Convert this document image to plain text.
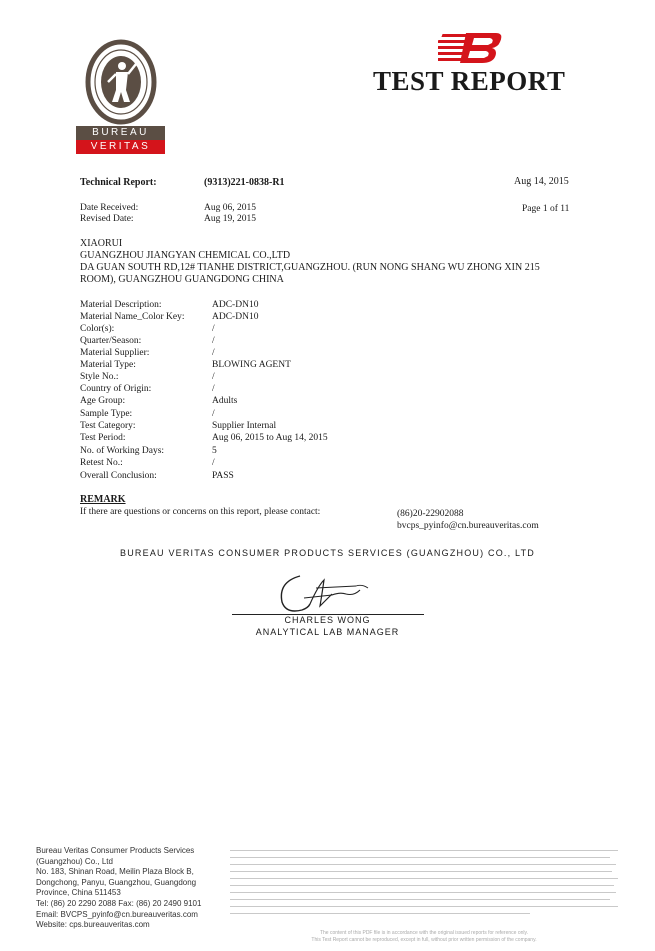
BUREAU
VERITAS
TEST REPORT
Technical Report:	(9313)221-0838-R1	Aug 14, 2015
Date Received:	Aug 06, 2015	Page 1 of 11
Revised Date:	Aug 19, 2015
XIAORUI
GUANGZHOU JIANGYAN CHEMICAL CO.,LTD
DA GUAN SOUTH RD,12# TIANHE DISTRICT,GUANGZHOU. (RUN NONG SHANG WU ZHONG XIN 215
ROOM), GUANGZHOU GUANGDONG CHINA
Material Description:	ADC-DN10
Material Name_Color Key:	ADC-DN10
Color(s):	/
Quarter/Season:	/
Material Supplier:	/
Material Type:	BLOWING AGENT
Style No.:	/
Country of Origin:	/
Age Group:	Adults
Sample Type:	/
Test Category:	Supplier Internal
Test Period:	Aug 06, 2015 to Aug 14, 2015
No. of Working Days:	5
Retest No.:	/
Overall Conclusion:	PASS
REMARK
If there are questions or concerns on this report, please contact:	(86)20-22902088
bvcps_pyinfo@cn.bureauveritas.com
BUREAU VERITAS CONSUMER PRODUCTS SERVICES (GUANGZHOU) CO., LTD
CHARLES WONG
ANALYTICAL LAB MANAGER
Bureau Veritas Consumer Products Services
(Guangzhou) Co., Ltd
No. 183, Shinan Road, Meilin Plaza Block B,
Dongchong, Panyu, Guangzhou, Guangdong
Province, China 511453
Tel: (86) 20 2290 2088 Fax: (86) 20 2490 9101
Email: BVCPS_pyinfo@cn.bureauveritas.com
Website: cps.bureauveritas.com
The content of this PDF file is in accordance with the original issued reports for reference only.
This Test Report cannot be reproduced, except in full, without prior written permission of the company.
